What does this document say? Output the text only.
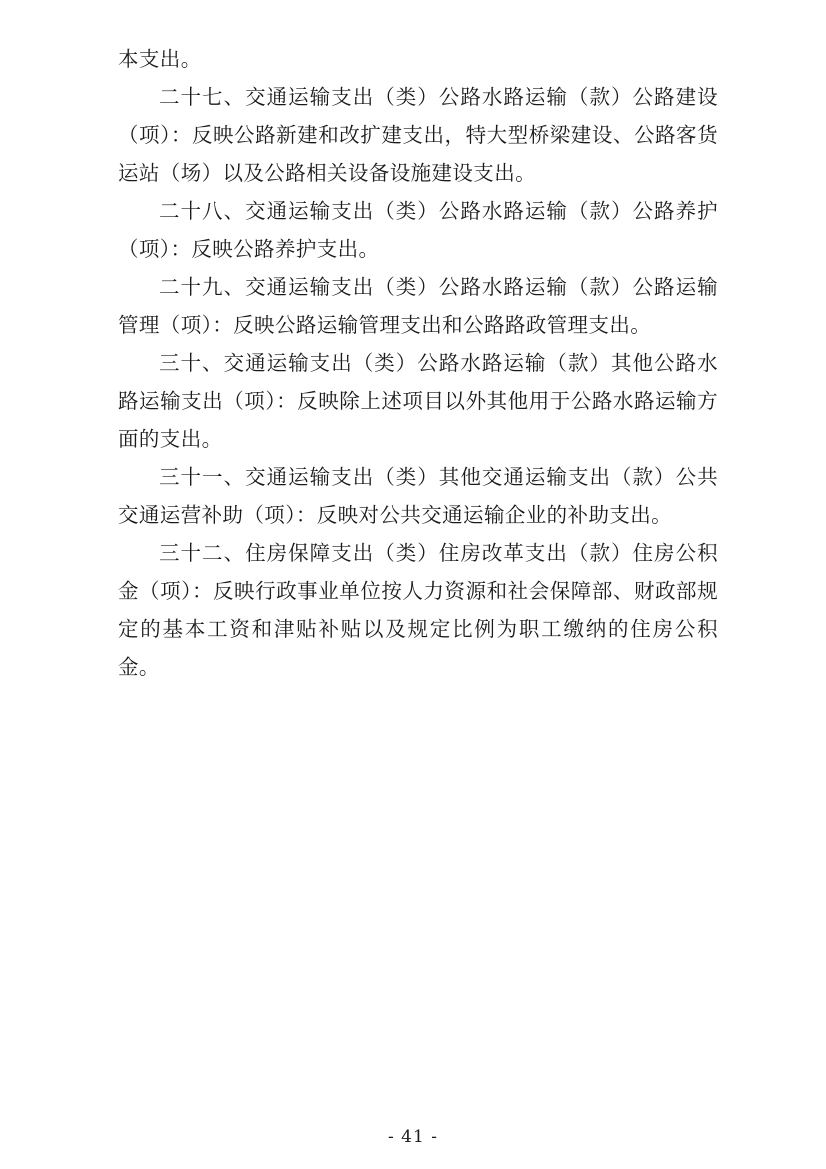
本支出。

二十七、交通运输支出（类）公路水路运输（款）公路建设（项）：反映公路新建和改扩建支出，特大型桥梁建设、公路客货运站（场）以及公路相关设备设施建设支出。

二十八、交通运输支出（类）公路水路运输（款）公路养护（项）：反映公路养护支出。

二十九、交通运输支出（类）公路水路运输（款）公路运输管理（项）：反映公路运输管理支出和公路路政管理支出。

三十、交通运输支出（类）公路水路运输（款）其他公路水路运输支出（项）：反映除上述项目以外其他用于公路水路运输方面的支出。

三十一、交通运输支出（类）其他交通运输支出（款）公共交通运营补助（项）：反映对公共交通运输企业的补助支出。

三十二、住房保障支出（类）住房改革支出（款）住房公积金（项）：反映行政事业单位按人力资源和社会保障部、财政部规定的基本工资和津贴补贴以及规定比例为职工缴纳的住房公积金。

- 41 -
